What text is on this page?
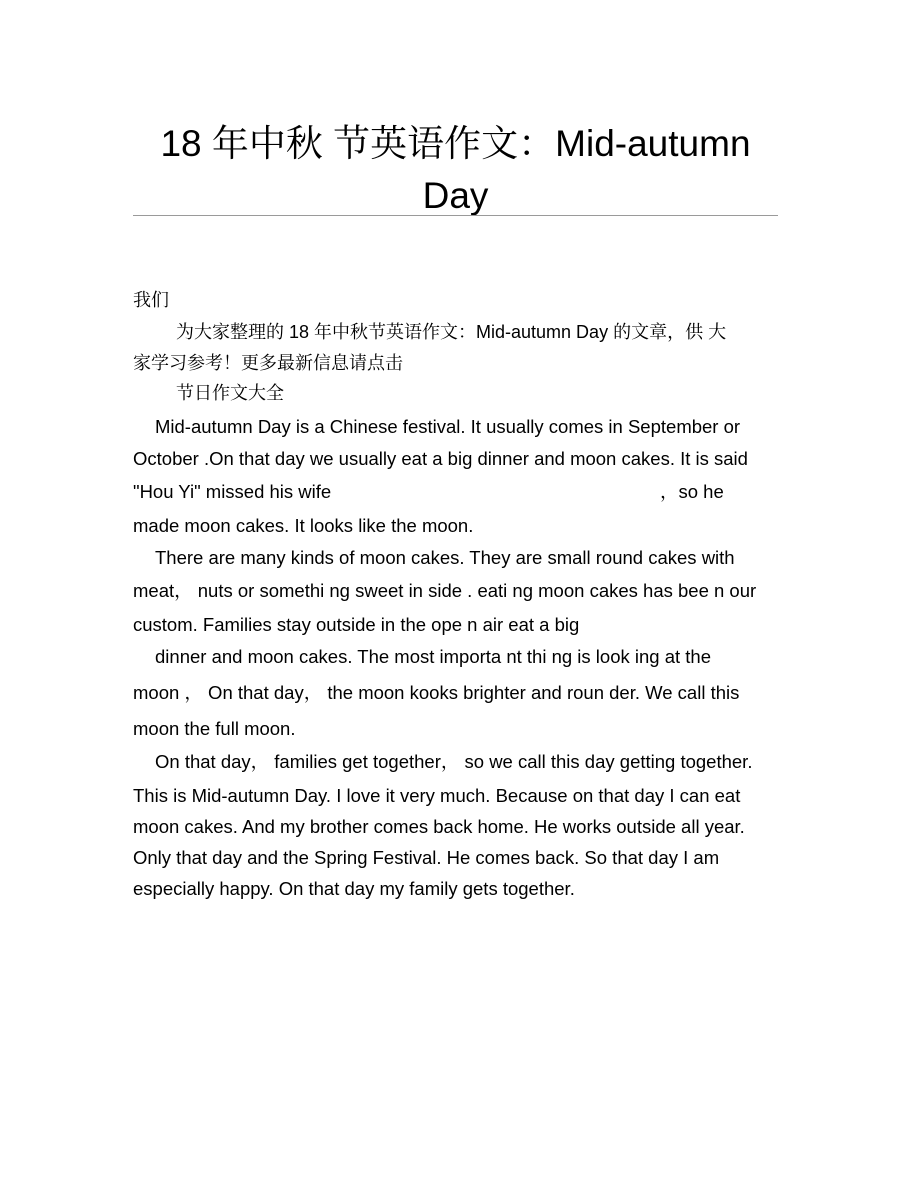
18 年中秋 节英语作文：Mid-autumn
Day
我们
为大家整理的 18 年中秋节英语作文：Mid-autumn Day 的文章，供 大
家学习参考！更多最新信息请点击
节日作文大全
Mid-autumn Day is a Chinese festival. It usually comes in September or
October .On that day we usually eat a big dinner and moon cakes. It is said
"Hou Yi" missed his wife	，so he
made moon cakes. It looks like the moon.
There are many kinds of moon cakes. They are small round cakes with
meat， nuts or somethi ng sweet in side . eati ng moon cakes has bee n our
custom. Families stay outside in the ope n air eat a big
dinner and moon cakes. The most importa nt thi ng is look ing at the
moon ， On that day， the moon kooks brighter and roun der. We call this
moon the full moon.
On that day， families get together， so we call this day getting together.
This is Mid-autumn Day. I love it very much. Because on that day I can eat
moon cakes. And my brother comes back home. He works outside all year.
Only that day and the Spring Festival. He comes back. So that day I am
especially happy. On that day my family gets together.
